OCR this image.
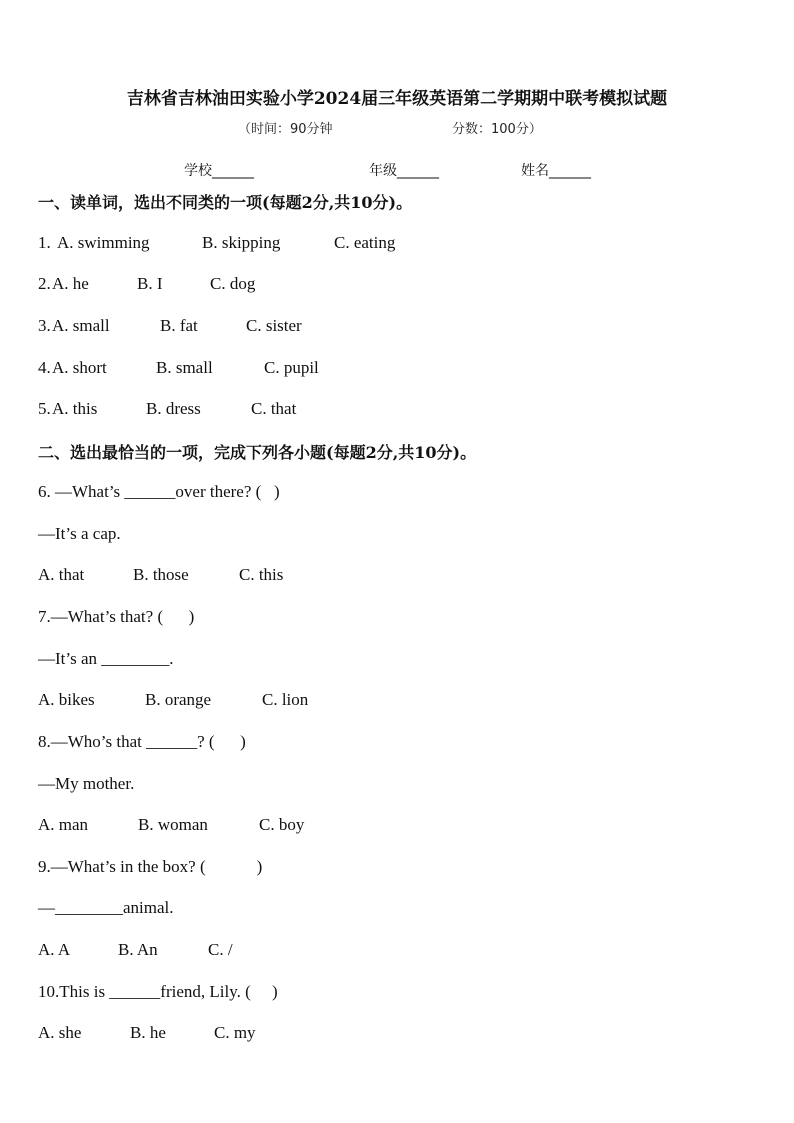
吉林省吉林油田实验小学2024届三年级英语第二学期期中联考模拟试题
（时间：90分钟	分数：100分）
学校______	年级______	姓名______
一、读单词，选出不同类的一项(每题2分,共10分)。
1. A. swimming	B. skipping	C. eating
2. A. he	B. I	C. dog
3. A. small	B. fat	C. sister
4. A. short	B. small	C. pupil
5. A. this	B. dress	C. that
二、选出最恰当的一项，完成下列各小题(每题2分,共10分)。
6. —What’s ______over there? (   )
—It’s a cap.
A. that	B. those	C. this
7.—What’s that? (      )
—It’s an ________.
A. bikes	B. orange	C. lion
8.—Who’s that ______? (      )
—My mother.
A. man	B. woman	C. boy
9.—What’s in the box? (            )
—________animal.
A. A	B. An	C. /
10.This is ______friend, Lily. (     )
A. she	B. he	C. my
